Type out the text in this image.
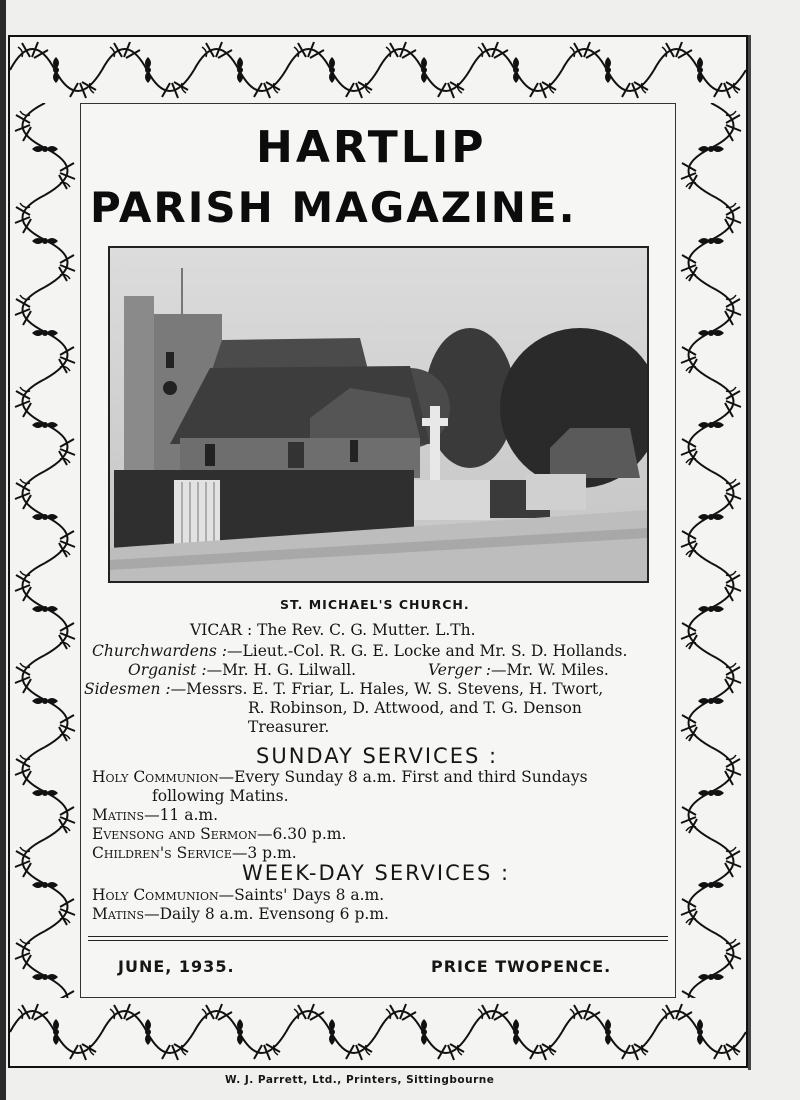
HARTLIP
PARISH MAGAZINE.
ST. MICHAEL'S CHURCH.
VICAR : The Rev. C. G. Mutter. L.Th.
Churchwardens :—Lieut.-Col. R. G. E. Locke and Mr. S. D. Hollands.
Organist :—Mr. H. G. Lilwall.	Verger :—Mr. W. Miles.
Sidesmen :—Messrs. E. T. Friar, L. Hales, W. S. Stevens, H. Twort,
R. Robinson, D. Attwood, and T. G. Denson
Treasurer.
SUNDAY SERVICES :
Holy Communion—Every Sunday 8 a.m. First and third Sundays
following Matins.
Matins—11 a.m.
Evensong and Sermon—6.30 p.m.
Children's Service—3 p.m.
WEEK-DAY SERVICES :
Holy Communion—Saints' Days 8 a.m.
Matins—Daily 8 a.m. Evensong 6 p.m.
JUNE, 1935.	PRICE TWOPENCE.
W. J. Parrett, Ltd., Printers, Sittingbourne
